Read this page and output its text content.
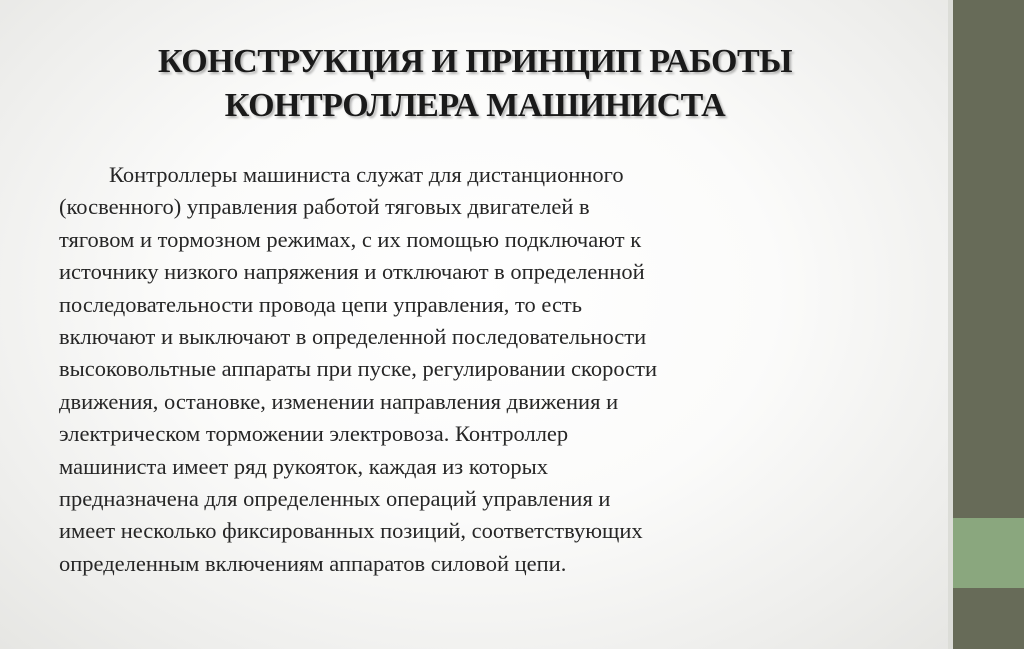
КОНСТРУКЦИЯ И ПРИНЦИП РАБОТЫ
КОНТРОЛЛЕРА МАШИНИСТА
Контроллеры машиниста служат для дистанционного
(косвенного) управления работой тяговых двигателей в
тяговом и тормозном режимах, с их помощью подключают к
источнику низкого напряжения и отключают в определенной
последовательности провода цепи управления, то есть
включают и выключают в определенной последовательности
высоковольтные аппараты при пуске, регулировании скорости
движения, остановке, изменении направления движения и
электрическом торможении электровоза. Контроллер
машиниста имеет ряд рукояток, каждая из которых
предназначена для определенных операций управления и
имеет несколько фиксированных позиций, соответствующих
определенным включениям аппаратов силовой цепи.
